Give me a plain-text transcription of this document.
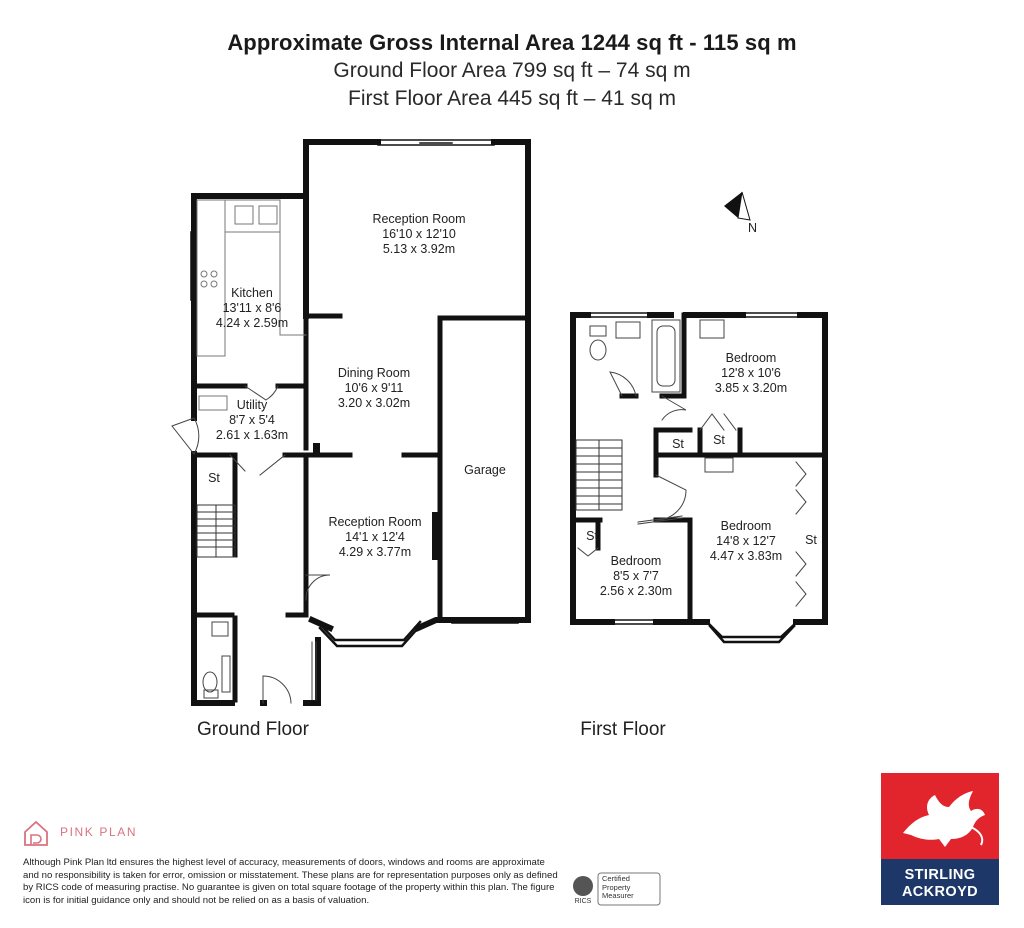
Approximate Gross Internal Area 1244 sq ft - 115 sq m
Ground Floor Area 799 sq ft – 74 sq m
First Floor Area 445 sq ft – 41 sq m
Reception Room
16'10 x 12'10
5.13 x 3.92m
Kitchen
13'11 x 8'6
4.24 x 2.59m
Dining Room
10'6 x 9'11
3.20 x 3.02m
Utility
8'7 x 5'4
2.61 x 1.63m
Garage
Reception Room
14'1 x 12'4
4.29 x 3.77m
St
Ground Floor
Bedroom
12'8 x 10'6
3.85 x 3.20m
Bedroom
14'8 x 12'7
4.47 x 3.83m
Bedroom
8'5 x 7'7
2.56 x 2.30m
St St
St	St
First Floor
N
PINK PLAN
Although Pink Plan ltd ensures the highest level of accuracy, measurements of doors, windows and rooms are approximate and no responsibility is taken for error, omission or misstatement. These plans are for representation purposes only as defined by RICS code of measuring practise. No guarantee is given on total square footage of the property within this plan. The figure icon is for initial guidance only and should not be relied on as a basis of valuation.	RICS
Certified
Property
Measurer
STIRLING
ACKROYD
